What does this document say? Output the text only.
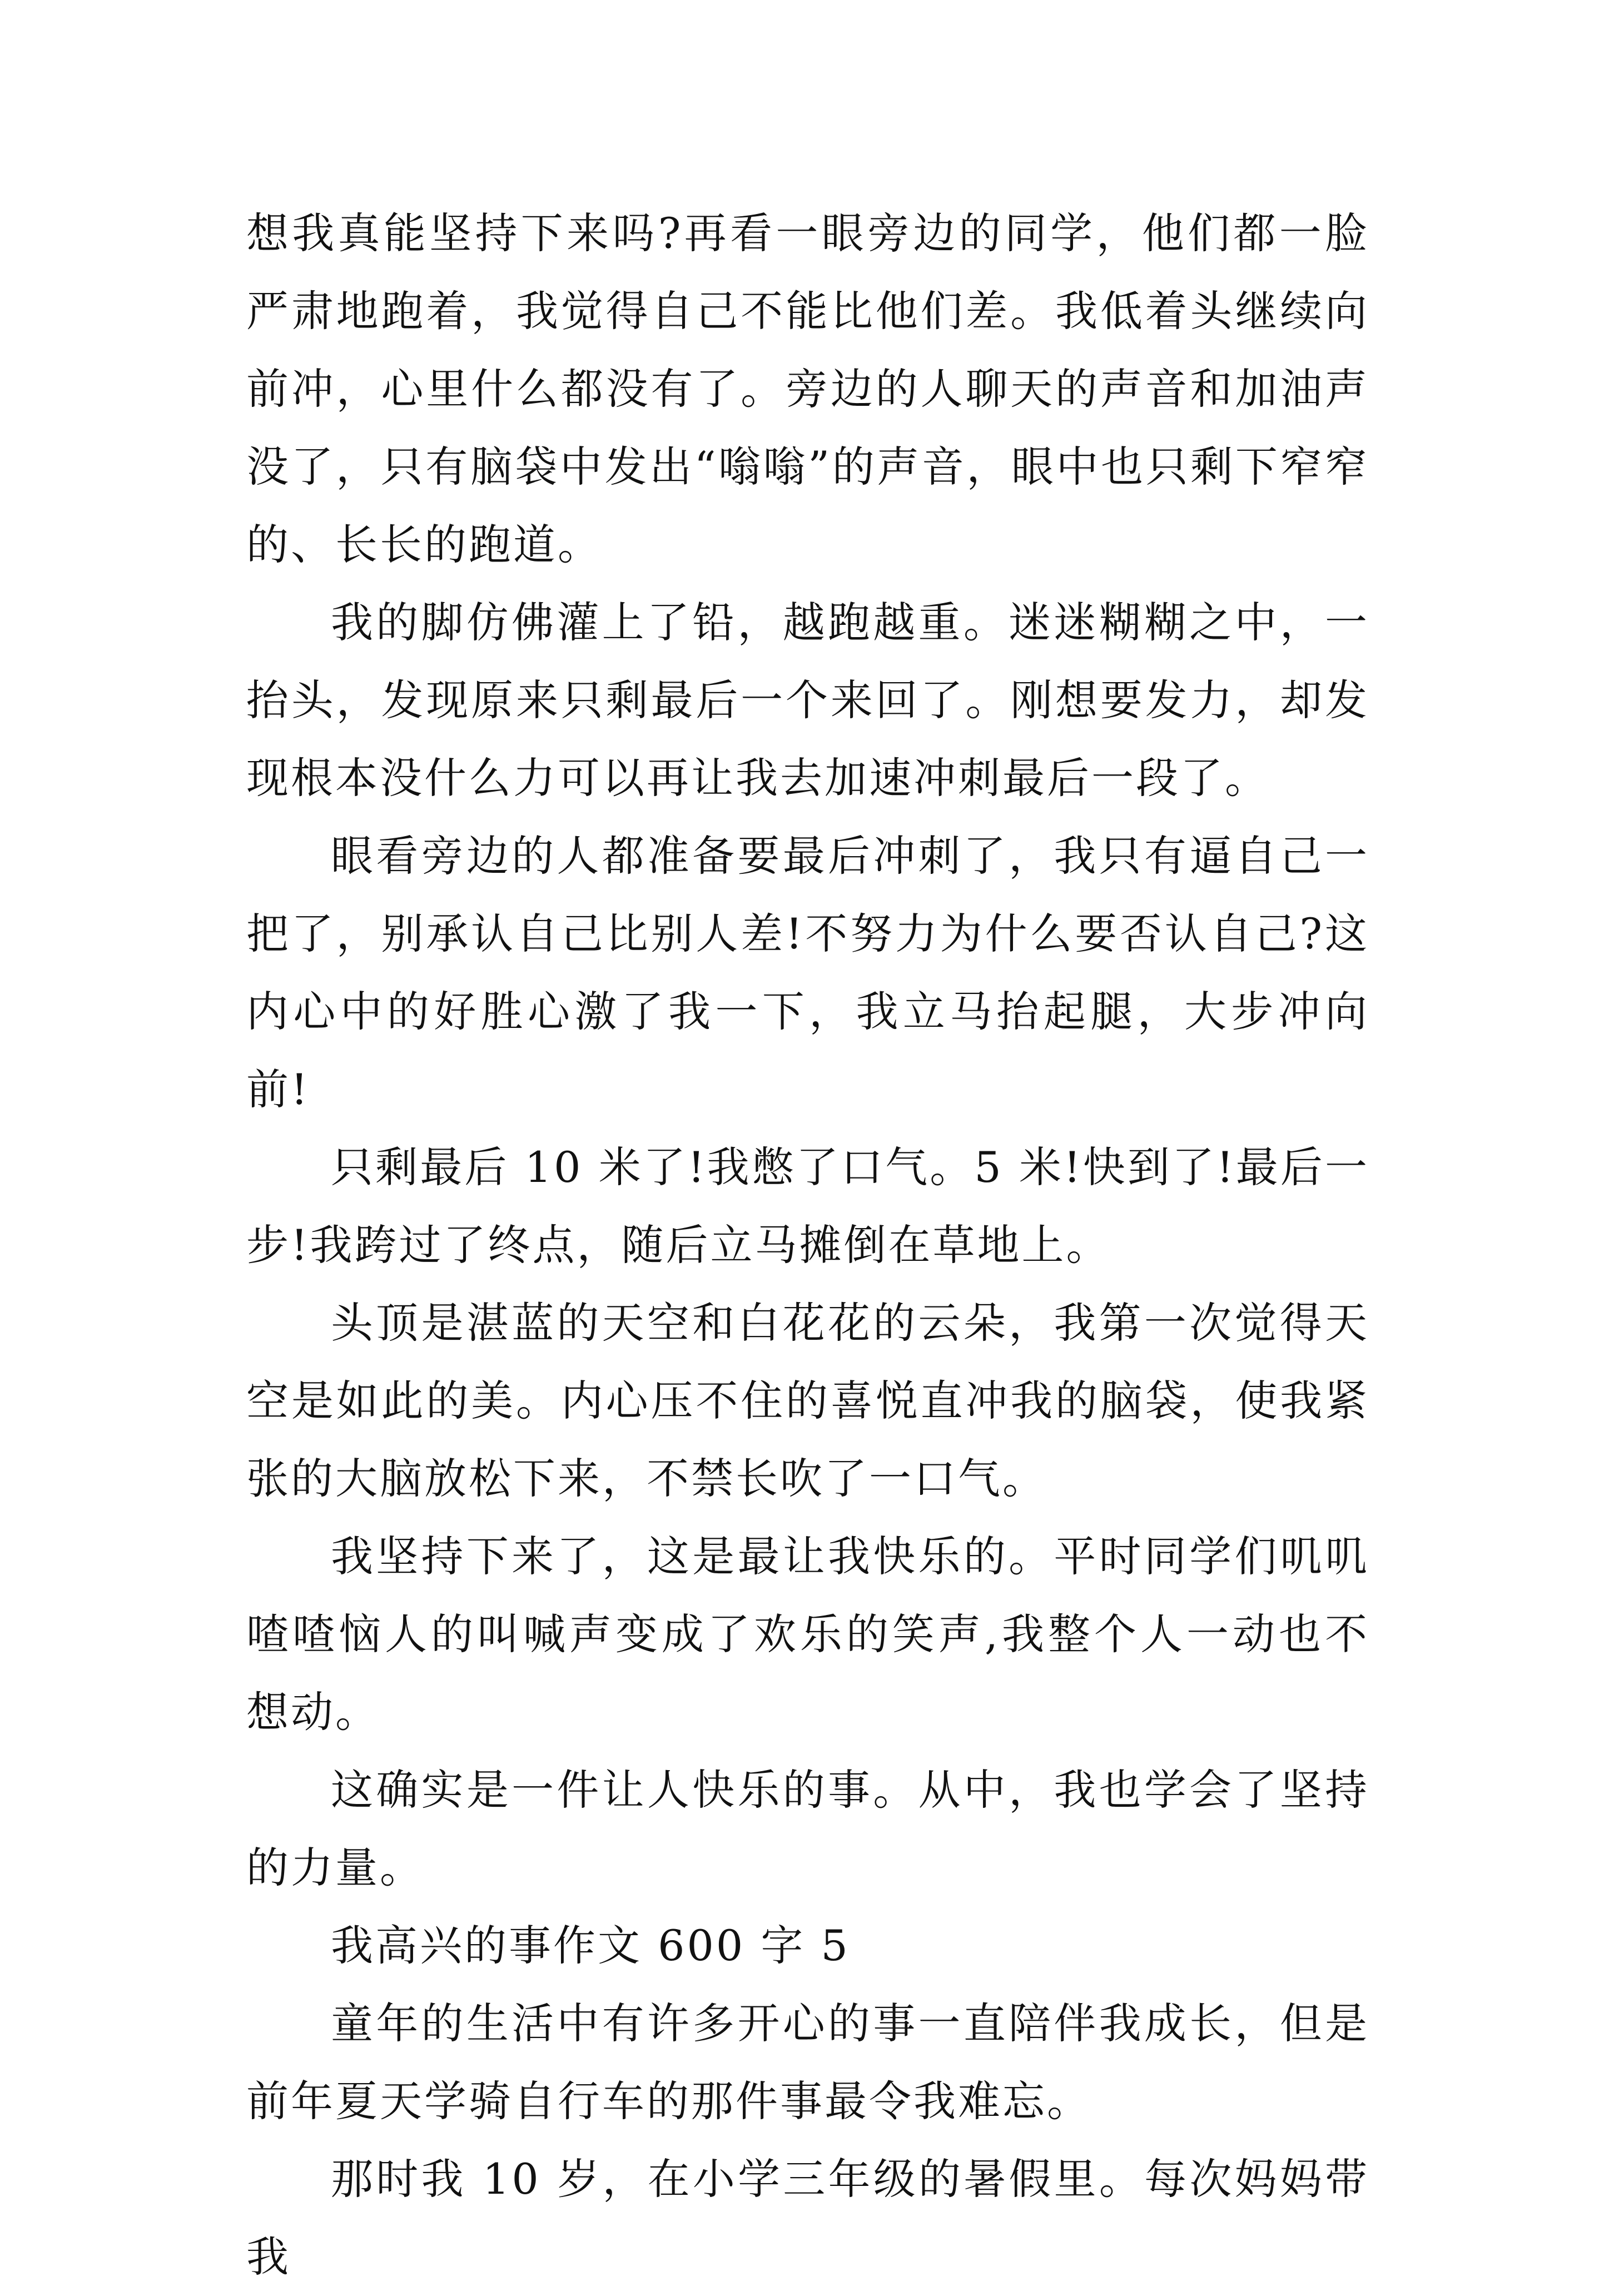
想我真能坚持下来吗?再看一眼旁边的同学，他们都一脸严肃地跑着，我觉得自己不能比他们差。我低着头继续向前冲，心里什么都没有了。旁边的人聊天的声音和加油声没了，只有脑袋中发出“嗡嗡”的声音，眼中也只剩下窄窄的、长长的跑道。

我的脚仿佛灌上了铅，越跑越重。迷迷糊糊之中，一抬头，发现原来只剩最后一个来回了。刚想要发力，却发现根本没什么力可以再让我去加速冲刺最后一段了。

眼看旁边的人都准备要最后冲刺了，我只有逼自己一把了，别承认自己比别人差!不努力为什么要否认自己?这内心中的好胜心激了我一下，我立马抬起腿，大步冲向前!

只剩最后 10 米了!我憋了口气。5 米!快到了!最后一步!我跨过了终点，随后立马摊倒在草地上。

头顶是湛蓝的天空和白花花的云朵，我第一次觉得天空是如此的美。内心压不住的喜悦直冲我的脑袋，使我紧张的大脑放松下来，不禁长吹了一口气。

我坚持下来了，这是最让我快乐的。平时同学们叽叽喳喳恼人的叫喊声变成了欢乐的笑声,我整个人一动也不想动。

这确实是一件让人快乐的事。从中，我也学会了坚持的力量。

我高兴的事作文 600 字 5

童年的生活中有许多开心的事一直陪伴我成长，但是前年夏天学骑自行车的那件事最令我难忘。

那时我 10 岁，在小学三年级的暑假里。每次妈妈带我
